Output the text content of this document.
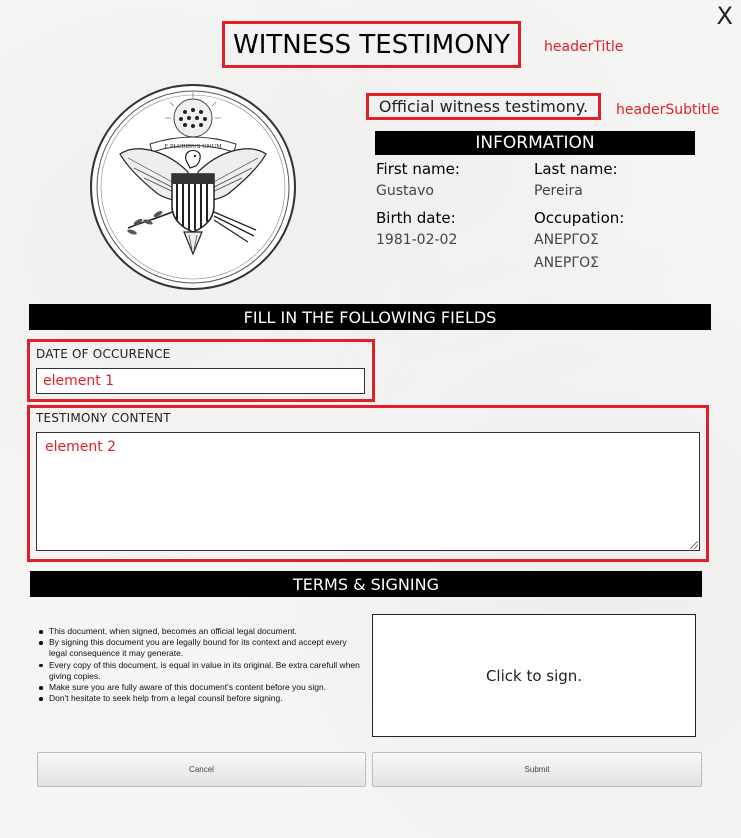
X
WITNESS TESTIMONY	headerTitle
Official witness testimony.	headerSubtitle
E PLURIBUS UNUM	INFORMATION
First name:
Gustavo
Last name:
Pereira
Birth date:
1981-02-02
Occupation:
ΑΝΕΡΓΟΣ
ΑΝΕΡΓΟΣ
FILL IN THE FOLLOWING FIELDS
DATE OF OCCURENCE
element 1
TESTIMONY CONTENT
element 2
TERMS & SIGNING
This document, when signed, becomes an official legal document.
By signing this document you are legally bound for its context and accept every legal consequence it may generate.
Every copy of this document, is equal in value in its original. Be extra carefull when giving copies.
Make sure you are fully aware of this document's content before you sign.
Don't hesitate to seek help from a legal counsil before signing.
Click to sign.
Cancel	Submit
